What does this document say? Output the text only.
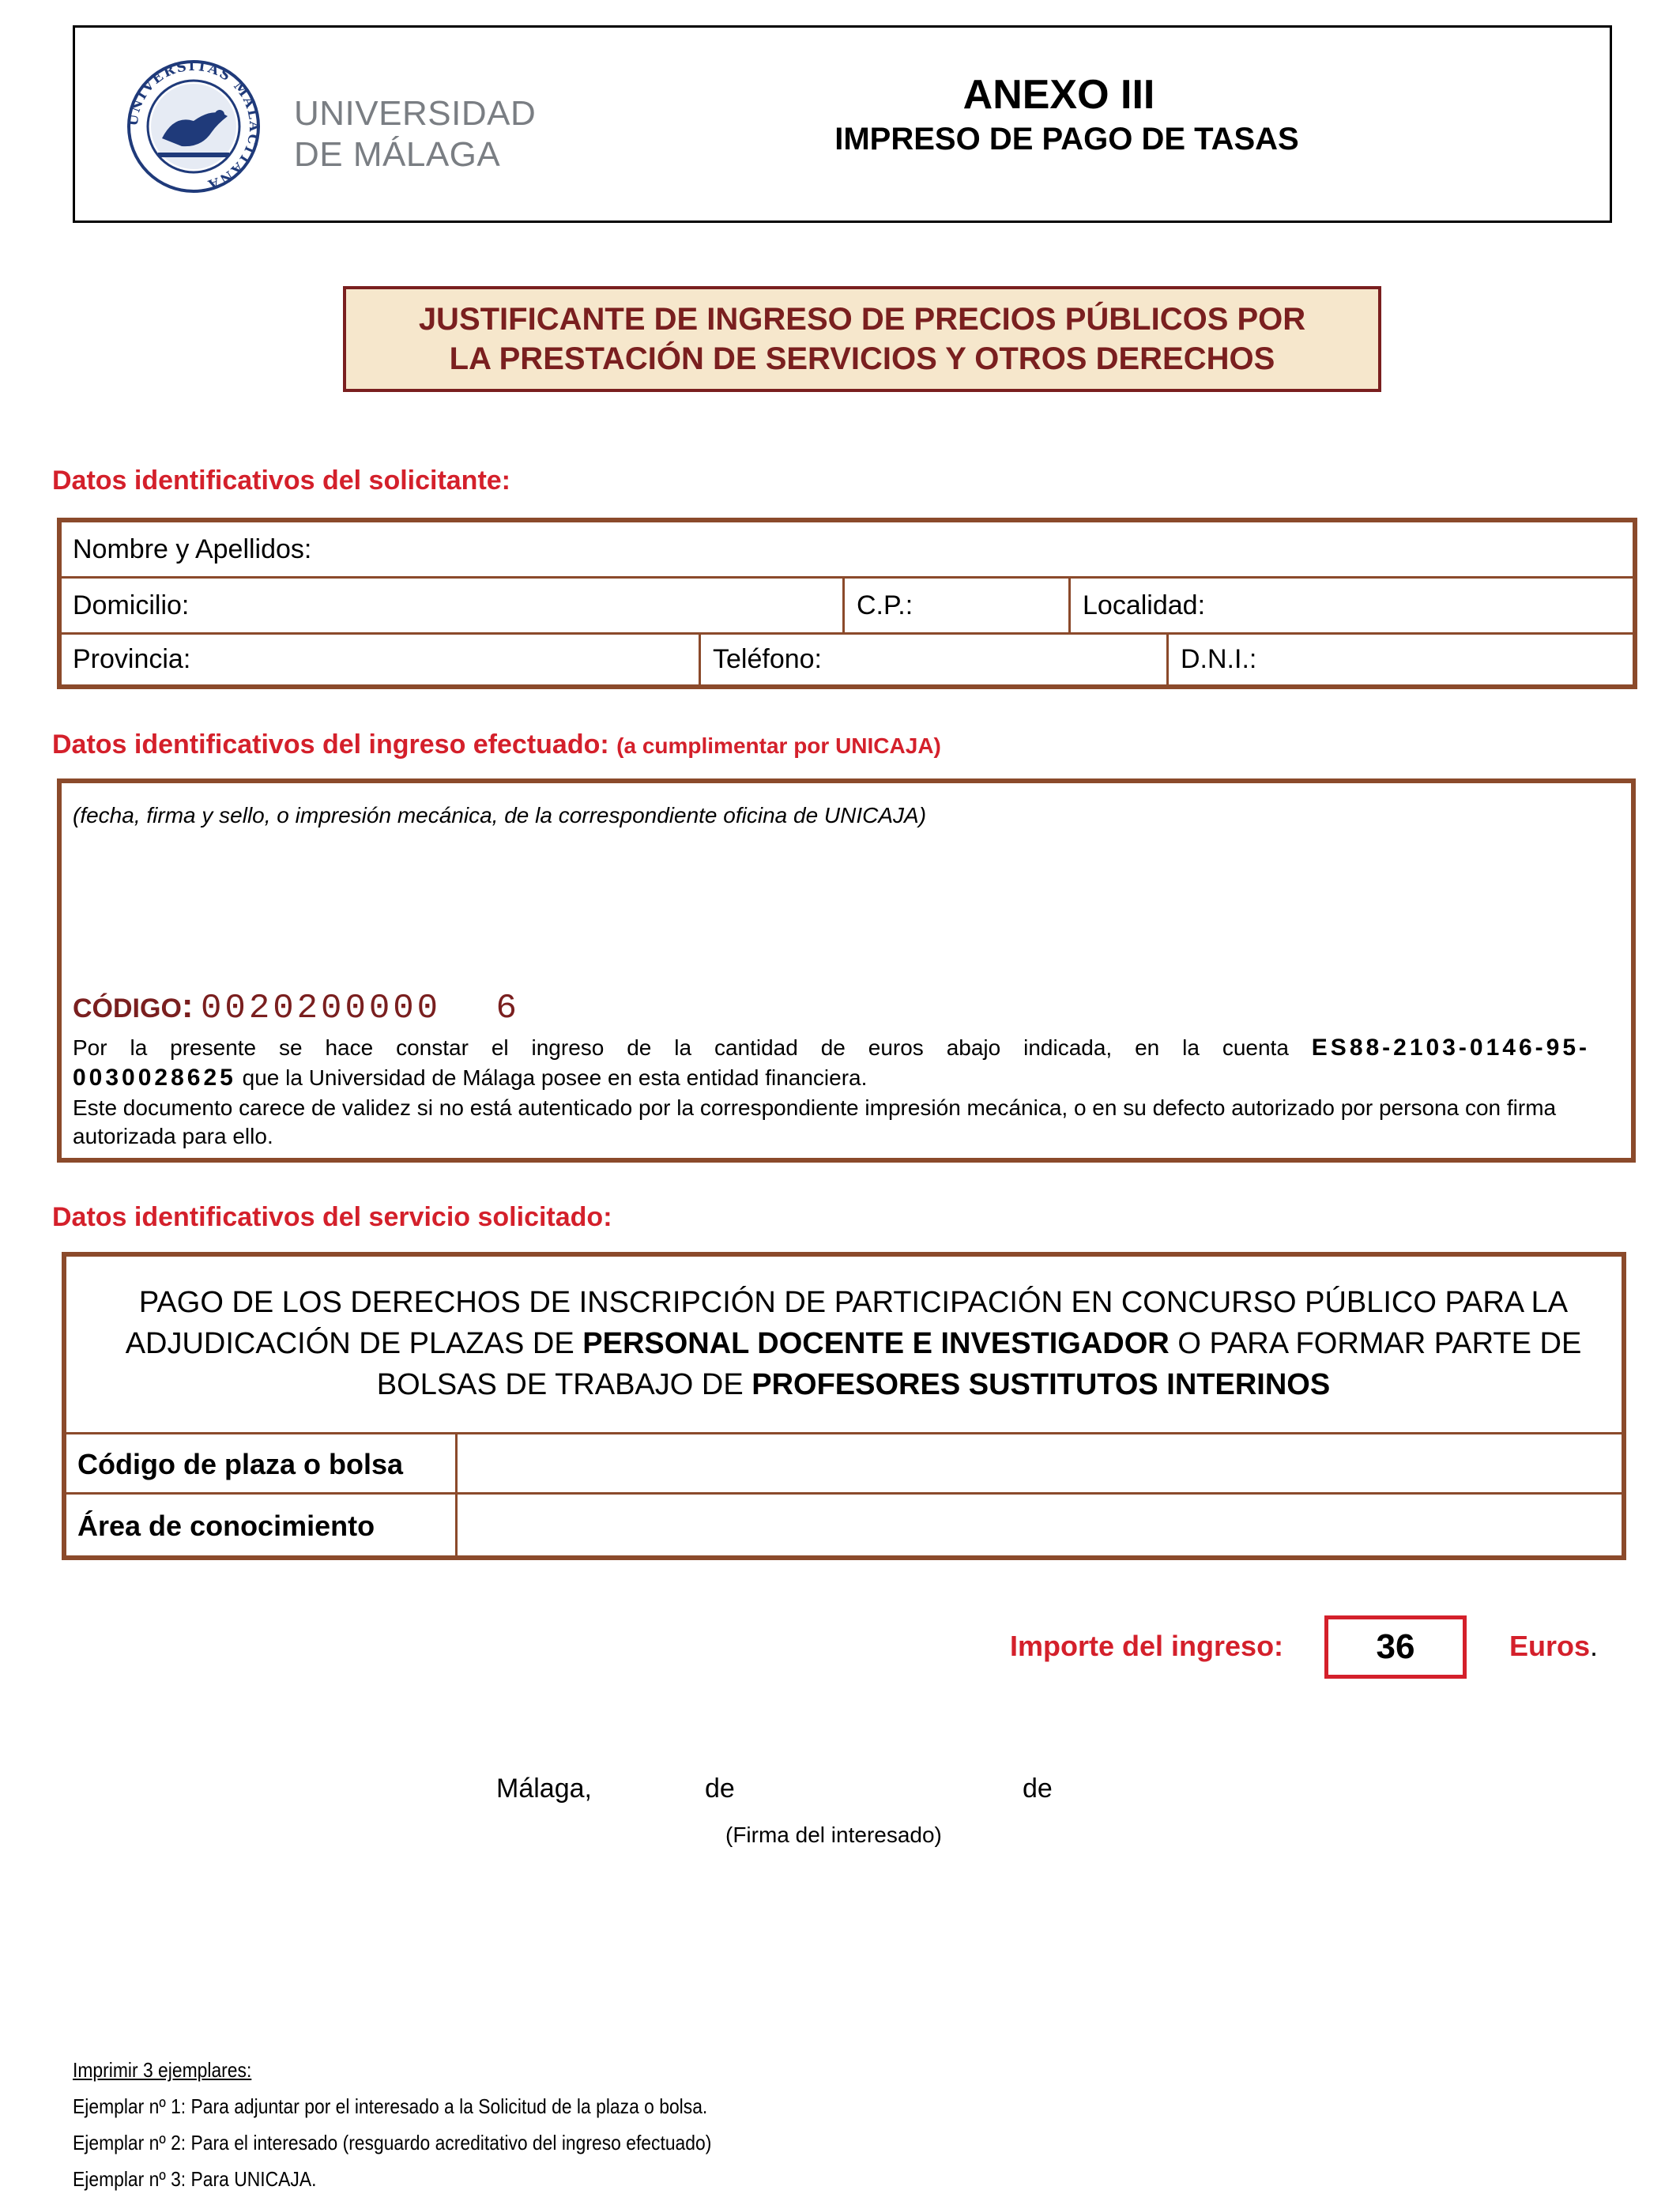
UNIVERSITAS MALACITANA
UNIVERSIDAD
DE MÁLAGA
ANEXO III
IMPRESO DE PAGO DE TASAS
JUSTIFICANTE DE INGRESO DE PRECIOS PÚBLICOS POR
LA PRESTACIÓN DE SERVICIOS Y OTROS DERECHOS
Datos identificativos del solicitante:
Nombre y Apellidos:
Domicilio:	C.P.:	Localidad:
Provincia:	Teléfono:	D.N.I.:
Datos identificativos del ingreso efectuado: (a cumplimentar por UNICAJA)
(fecha, firma y sello, o impresión mecánica, de la correspondiente oficina de UNICAJA)
CÓDIGO: 0020200000 6
Por la presente se hace constar el ingreso de la cantidad de euros abajo indicada, en la cuenta ES88-2103-0146-95-
0030028625 que la Universidad de Málaga posee en esta entidad financiera.
Este documento carece de validez si no está autenticado por la correspondiente impresión mecánica, o en su defecto autorizado por persona con firma autorizada para ello.
Datos identificativos del servicio solicitado:
Código de plaza o bolsa
Área de conocimiento
PAGO DE LOS DERECHOS DE INSCRIPCIÓN DE PARTICIPACIÓN EN CONCURSO PÚBLICO PARA LA ADJUDICACIÓN DE PLAZAS DE PERSONAL DOCENTE E INVESTIGADOR O PARA FORMAR PARTE DE BOLSAS DE TRABAJO DE PROFESORES SUSTITUTOS INTERINOS
Importe del ingreso:	36	Euros.
Málaga,	de	de
(Firma del interesado)
Imprimir 3 ejemplares:
Ejemplar nº 1: Para adjuntar por el interesado a la Solicitud de la plaza o bolsa.
Ejemplar nº 2: Para el interesado (resguardo acreditativo del ingreso efectuado)
Ejemplar nº 3: Para UNICAJA.
